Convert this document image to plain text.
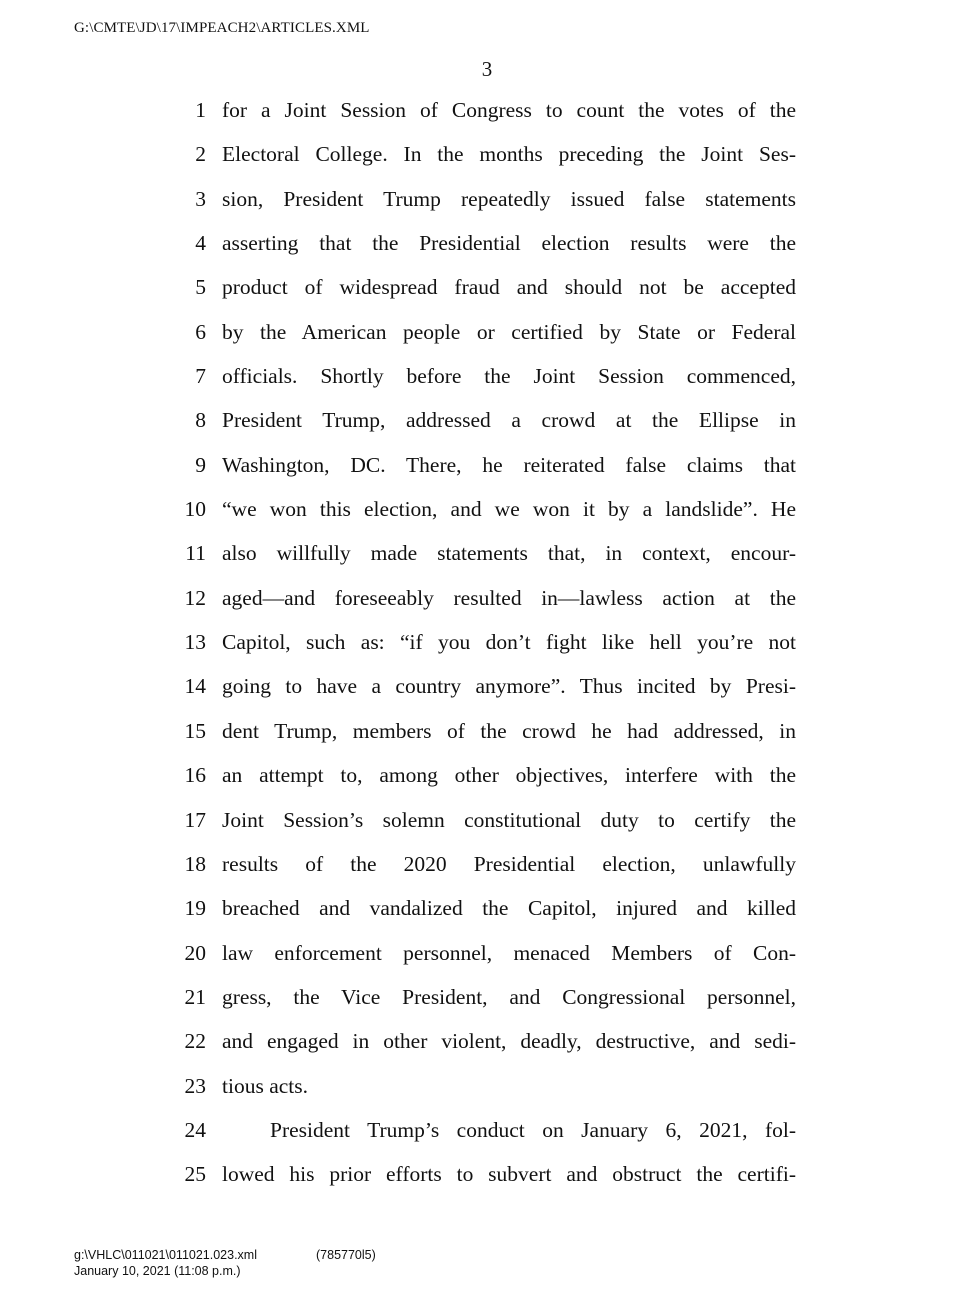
G:\CMTE\JD\17\IMPEACH2\ARTICLES.XML
3
1 for a Joint Session of Congress to count the votes of the
2 Electoral College. In the months preceding the Joint Ses-
3 sion, President Trump repeatedly issued false statements
4 asserting that the Presidential election results were the
5 product of widespread fraud and should not be accepted
6 by the American people or certified by State or Federal
7 officials. Shortly before the Joint Session commenced,
8 President Trump, addressed a crowd at the Ellipse in
9 Washington, DC. There, he reiterated false claims that
10 “we won this election, and we won it by a landslide”. He
11 also willfully made statements that, in context, encour-
12 aged—and foreseeably resulted in—lawless action at the
13 Capitol, such as: “if you don’t fight like hell you’re not
14 going to have a country anymore”. Thus incited by Presi-
15 dent Trump, members of the crowd he had addressed, in
16 an attempt to, among other objectives, interfere with the
17 Joint Session’s solemn constitutional duty to certify the
18 results of the 2020 Presidential election, unlawfully
19 breached and vandalized the Capitol, injured and killed
20 law enforcement personnel, menaced Members of Con-
21 gress, the Vice President, and Congressional personnel,
22 and engaged in other violent, deadly, destructive, and sedi-
23 tious acts.
24	President Trump’s conduct on January 6, 2021, fol-
25 lowed his prior efforts to subvert and obstruct the certifi-
g:\VHLC\011021\011021.023.xml	(785770l5)
January 10, 2021 (11:08 p.m.)
